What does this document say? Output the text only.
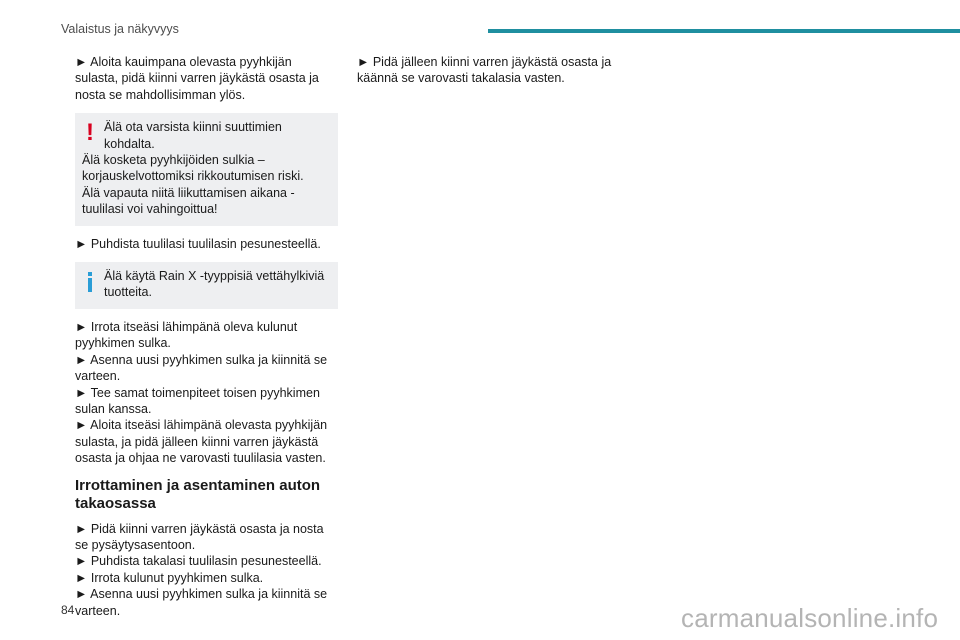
Valaistus ja näkyvyys

► Aloita kauimpana olevasta pyyhkijän sulasta, pidä kiinni varren jäykästä osasta ja nosta se mahdollisimman ylös.

! Älä ota varsista kiinni suuttimien kohdalta.

Älä kosketa pyyhkijöiden sulkia – korjauskelvottomiksi rikkoutumisen riski.

Älä vapauta niitä liikuttamisen aikana - tuulilasi voi vahingoittua!

► Puhdista tuulilasi tuulilasin pesunesteellä.

Älä käytä Rain X -tyyppisiä vettähylkiviä tuotteita.

► Irrota itseäsi lähimpänä oleva kulunut pyyhkimen sulka.

► Asenna uusi pyyhkimen sulka ja kiinnitä se varteen.

► Tee samat toimenpiteet toisen pyyhkimen sulan kanssa.

► Aloita itseäsi lähimpänä olevasta pyyhkijän sulasta, ja pidä jälleen kiinni varren jäykästä osasta ja ohjaa ne varovasti tuulilasia vasten.

Irrottaminen ja asentaminen auton takaosassa

► Pidä kiinni varren jäykästä osasta ja nosta se pysäytysasentoon.

► Puhdista takalasi tuulilasin pesunesteellä.

► Irrota kulunut pyyhkimen sulka.

► Asenna uusi pyyhkimen sulka ja kiinnitä se varteen.

► Pidä jälleen kiinni varren jäykästä osasta ja käännä se varovasti takalasia vasten.

84	carmanualsonline.info
